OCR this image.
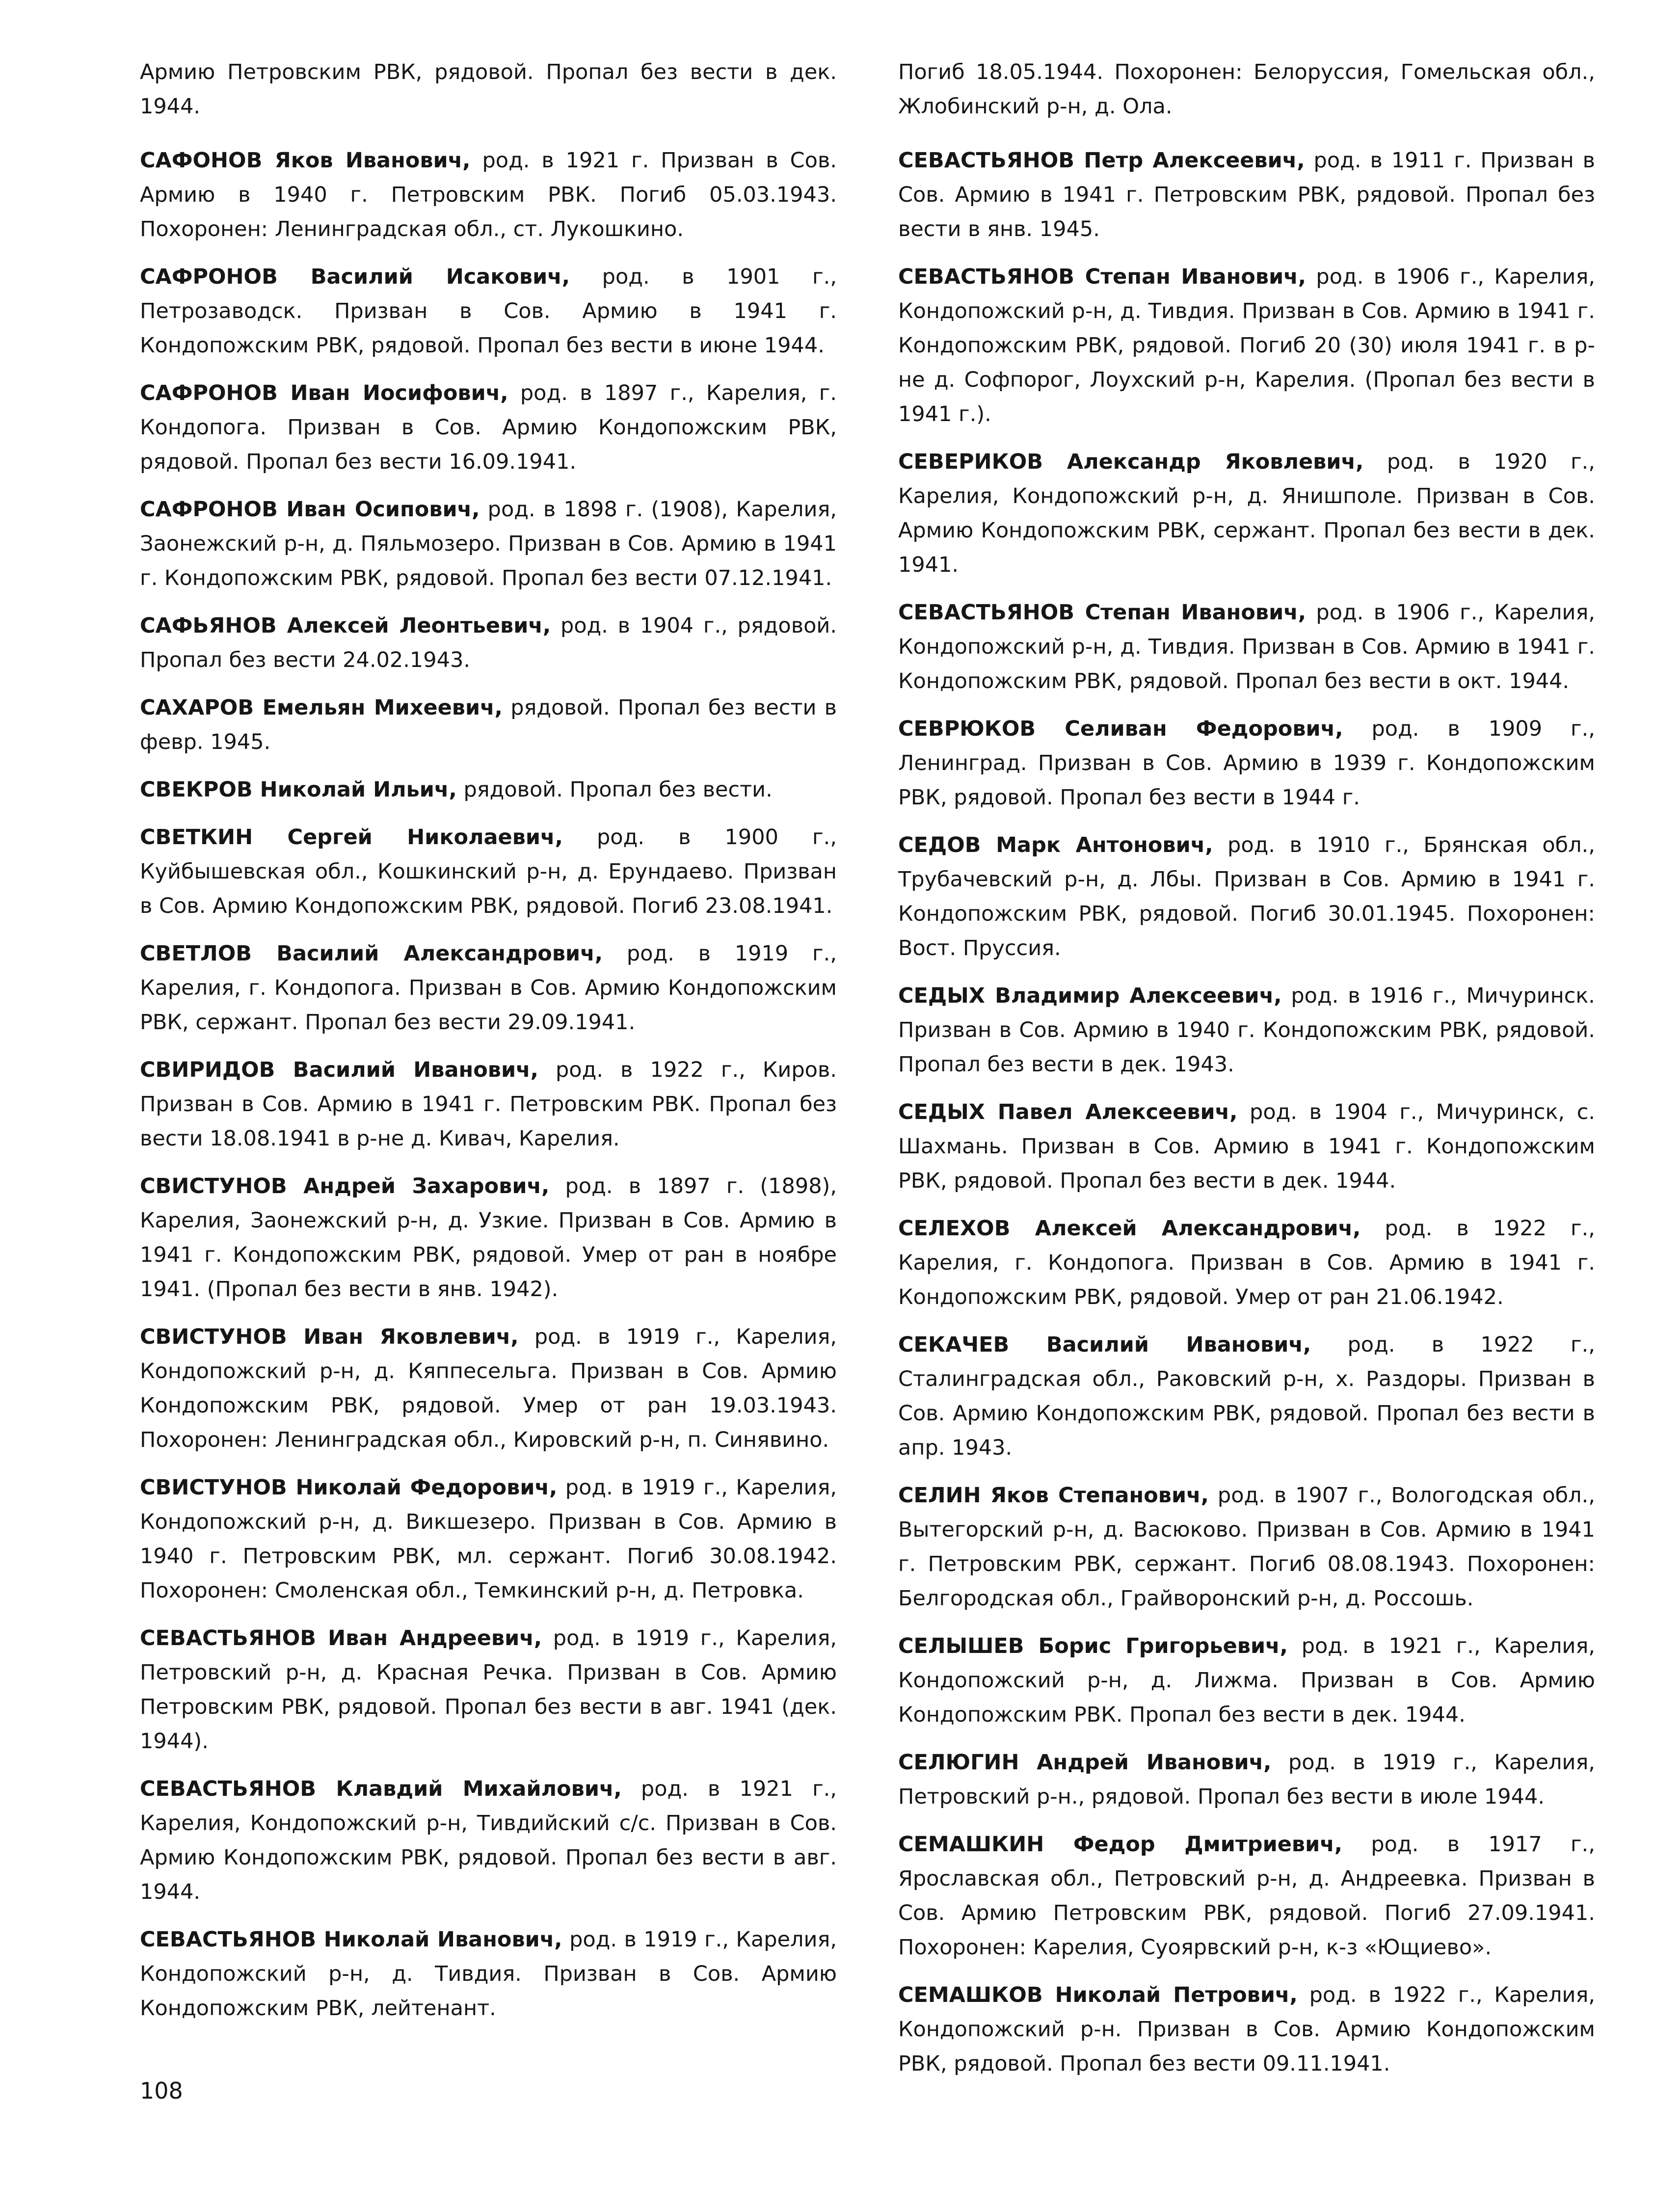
Армию Петровским РВК, рядовой. Пропал без вести в дек. 1944.

САФОНОВ Яков Иванович, род. в 1921 г. Призван в Сов. Армию в 1940 г. Петровским РВК. Погиб 05.03.1943. Похоронен: Ленинградская обл., ст. Лукошкино.

САФРОНОВ Василий Исакович, род. в 1901 г., Петрозаводск. Призван в Сов. Армию в 1941 г. Кондопожским РВК, рядовой. Пропал без вести в июне 1944.

САФРОНОВ Иван Иосифович, род. в 1897 г., Карелия, г. Кондопога. Призван в Сов. Армию Кондопожским РВК, рядовой. Пропал без вести 16.09.1941.

САФРОНОВ Иван Осипович, род. в 1898 г. (1908), Карелия, Заонежский р-н, д. Пяльмозеро. Призван в Сов. Армию в 1941 г. Кондопожским РВК, рядовой. Пропал без вести 07.12.1941.

САФЬЯНОВ Алексей Леонтьевич, род. в 1904 г., рядовой. Пропал без вести 24.02.1943.

САХАРОВ Емельян Михеевич, рядовой. Пропал без вести в февр. 1945.

СВЕКРОВ Николай Ильич, рядовой. Пропал без вести.

СВЕТКИН Сергей Николаевич, род. в 1900 г., Куйбышевская обл., Кошкинский р-н, д. Ерундаево. Призван в Сов. Армию Кондопожским РВК, рядовой. Погиб 23.08.1941.

СВЕТЛОВ Василий Александрович, род. в 1919 г., Карелия, г. Кондопога. Призван в Сов. Армию Кондопожским РВК, сержант. Пропал без вести 29.09.1941.

СВИРИДОВ Василий Иванович, род. в 1922 г., Киров. Призван в Сов. Армию в 1941 г. Петровским РВК. Пропал без вести 18.08.1941 в р-не д. Кивач, Карелия.

СВИСТУНОВ Андрей Захарович, род. в 1897 г. (1898), Карелия, Заонежский р-н, д. Узкие. Призван в Сов. Армию в 1941 г. Кондопожским РВК, рядовой. Умер от ран в ноябре 1941. (Пропал без вести в янв. 1942).

СВИСТУНОВ Иван Яковлевич, род. в 1919 г., Карелия, Кондопожский р-н, д. Кяппесельга. Призван в Сов. Армию Кондопожским РВК, рядовой. Умер от ран 19.03.1943. Похоронен: Ленинградская обл., Кировский р-н, п. Синявино.

СВИСТУНОВ Николай Федорович, род. в 1919 г., Карелия, Кондопожский р-н, д. Викшезеро. Призван в Сов. Армию в 1940 г. Петровским РВК, мл. сержант. Погиб 30.08.1942. Похоронен: Смоленская обл., Темкинский р-н, д. Петровка.

СЕВАСТЬЯНОВ Иван Андреевич, род. в 1919 г., Карелия, Петровский р-н, д. Красная Речка. Призван в Сов. Армию Петровским РВК, рядовой. Пропал без вести в авг. 1941 (дек. 1944).

СЕВАСТЬЯНОВ Клавдий Михайлович, род. в 1921 г., Карелия, Кондопожский р-н, Тивдийский с/с. Призван в Сов. Армию Кондопожским РВК, рядовой. Пропал без вести в авг. 1944.

СЕВАСТЬЯНОВ Николай Иванович, род. в 1919 г., Карелия, Кондопожский р-н, д. Тивдия. Призван в Сов. Армию Кондопожским РВК, лейтенант.

Погиб 18.05.1944. Похоронен: Белоруссия, Гомельская обл., Жлобинский р-н, д. Ола.

СЕВАСТЬЯНОВ Петр Алексеевич, род. в 1911 г. Призван в Сов. Армию в 1941 г. Петровским РВК, рядовой. Пропал без вести в янв. 1945.

СЕВАСТЬЯНОВ Степан Иванович, род. в 1906 г., Карелия, Кондопожский р-н, д. Тивдия. Призван в Сов. Армию в 1941 г. Кондопожским РВК, рядовой. Погиб 20 (30) июля 1941 г. в р-не д. Софпорог, Лоухский р-н, Карелия. (Пропал без вести в 1941 г.).

СЕВЕРИКОВ Александр Яковлевич, род. в 1920 г., Карелия, Кондопожский р-н, д. Янишполе. Призван в Сов. Армию Кондопожским РВК, сержант. Пропал без вести в дек. 1941.

СЕВАСТЬЯНОВ Степан Иванович, род. в 1906 г., Карелия, Кондопожский р-н, д. Тивдия. Призван в Сов. Армию в 1941 г. Кондопожским РВК, рядовой. Пропал без вести в окт. 1944.

СЕВРЮКОВ Селиван Федорович, род. в 1909 г., Ленинград. Призван в Сов. Армию в 1939 г. Кондопожским РВК, рядовой. Пропал без вести в 1944 г.

СЕДОВ Марк Антонович, род. в 1910 г., Брянская обл., Трубачевский р-н, д. Лбы. Призван в Сов. Армию в 1941 г. Кондопожским РВК, рядовой. Погиб 30.01.1945. Похоронен: Вост. Пруссия.

СЕДЫХ Владимир Алексеевич, род. в 1916 г., Мичуринск. Призван в Сов. Армию в 1940 г. Кондопожским РВК, рядовой. Пропал без вести в дек. 1943.

СЕДЫХ Павел Алексеевич, род. в 1904 г., Мичуринск, с. Шахмань. Призван в Сов. Армию в 1941 г. Кондопожским РВК, рядовой. Пропал без вести в дек. 1944.

СЕЛЕХОВ Алексей Александрович, род. в 1922 г., Карелия, г. Кондопога. Призван в Сов. Армию в 1941 г. Кондопожским РВК, рядовой. Умер от ран 21.06.1942.

СЕКАЧЕВ Василий Иванович, род. в 1922 г., Сталинградская обл., Раковский р-н, х. Раздоры. Призван в Сов. Армию Кондопожским РВК, рядовой. Пропал без вести в апр. 1943.

СЕЛИН Яков Степанович, род. в 1907 г., Вологодская обл., Вытегорский р-н, д. Васюково. Призван в Сов. Армию в 1941 г. Петровским РВК, сержант. Погиб 08.08.1943. Похоронен: Белгородская обл., Грайворонский р-н, д. Россошь.

СЕЛЫШЕВ Борис Григорьевич, род. в 1921 г., Карелия, Кондопожский р-н, д. Лижма. Призван в Сов. Армию Кондопожским РВК. Пропал без вести в дек. 1944.

СЕЛЮГИН Андрей Иванович, род. в 1919 г., Карелия, Петровский р-н., рядовой. Пропал без вести в июле 1944.

СЕМАШКИН Федор Дмитриевич, род. в 1917 г., Ярославская обл., Петровский р-н, д. Андреевка. Призван в Сов. Армию Петровским РВК, рядовой. Погиб 27.09.1941. Похоронен: Карелия, Суоярвский р-н, к-з «Ющиево».

СЕМАШКОВ Николай Петрович, род. в 1922 г., Карелия, Кондопожский р-н. Призван в Сов. Армию Кондопожским РВК, рядовой. Пропал без вести 09.11.1941.

108
